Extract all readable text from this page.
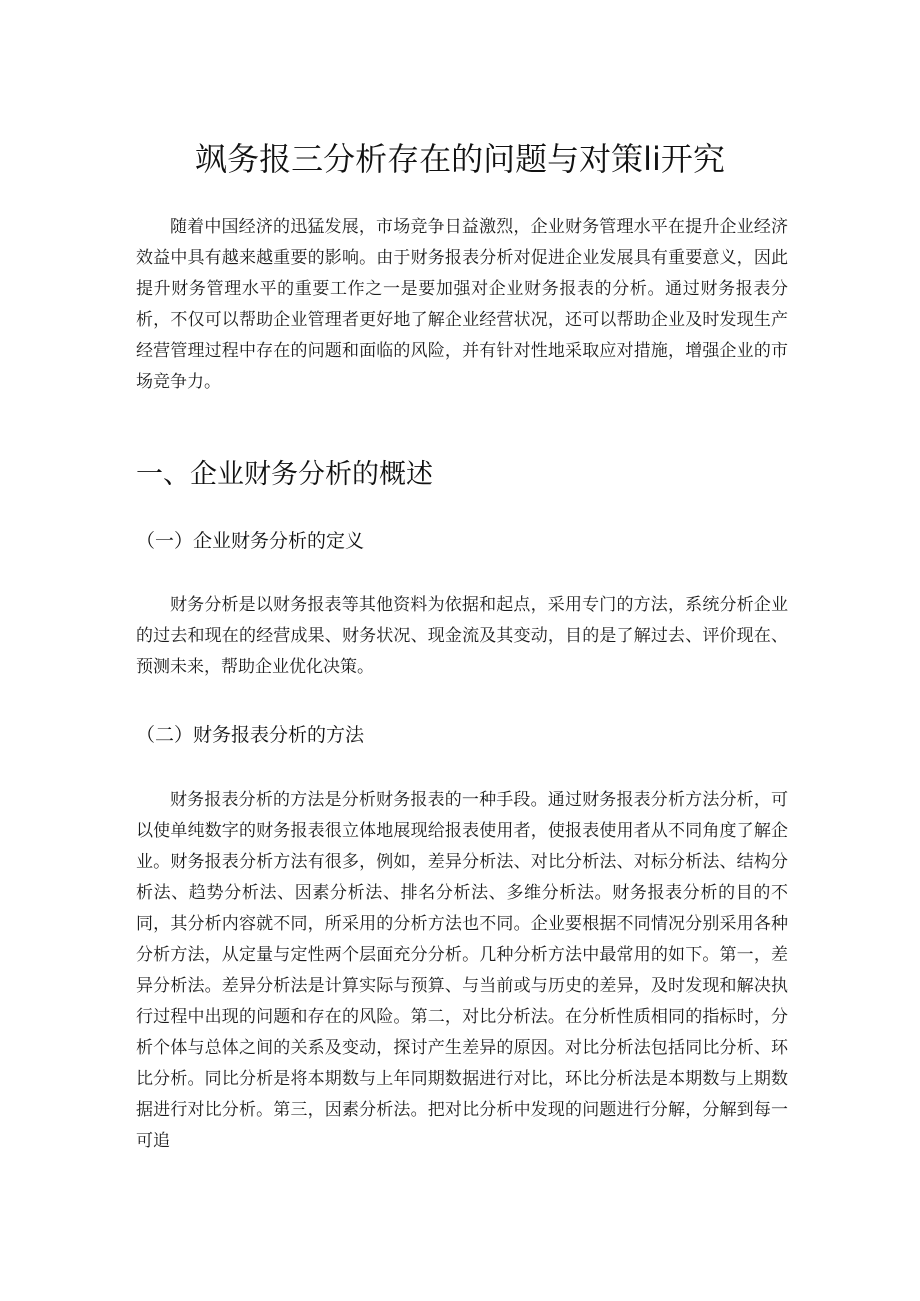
飒务报三分析存在的问题与对策li开究

随着中国经济的迅猛发展，市场竞争日益激烈，企业财务管理水平在提升企业经济效益中具有越来越重要的影响。由于财务报表分析对促进企业发展具有重要意义，因此提升财务管理水平的重要工作之一是要加强对企业财务报表的分析。通过财务报表分析，不仅可以帮助企业管理者更好地了解企业经营状况，还可以帮助企业及时发现生产经营管理过程中存在的问题和面临的风险，并有针对性地采取应对措施，增强企业的市场竞争力。

一、企业财务分析的概述
（一）企业财务分析的定义

财务分析是以财务报表等其他资料为依据和起点，采用专门的方法，系统分析企业的过去和现在的经营成果、财务状况、现金流及其变动，目的是了解过去、评价现在、预测未来，帮助企业优化决策。

（二）财务报表分析的方法

财务报表分析的方法是分析财务报表的一种手段。通过财务报表分析方法分析，可以使单纯数字的财务报表很立体地展现给报表使用者，使报表使用者从不同角度了解企业。财务报表分析方法有很多，例如，差异分析法、对比分析法、对标分析法、结构分析法、趋势分析法、因素分析法、排名分析法、多维分析法。财务报表分析的目的不同，其分析内容就不同，所采用的分析方法也不同。企业要根据不同情况分别采用各种分析方法，从定量与定性两个层面充分分析。几种分析方法中最常用的如下。第一，差异分析法。差异分析法是计算实际与预算、与当前或与历史的差异，及时发现和解决执行过程中出现的问题和存在的风险。第二，对比分析法。在分析性质相同的指标时，分析个体与总体之间的关系及变动，探讨产生差异的原因。对比分析法包括同比分析、环比分析。同比分析是将本期数与上年同期数据进行对比，环比分析法是本期数与上期数据进行对比分析。第三，因素分析法。把对比分析中发现的问题进行分解，分解到每一可追
